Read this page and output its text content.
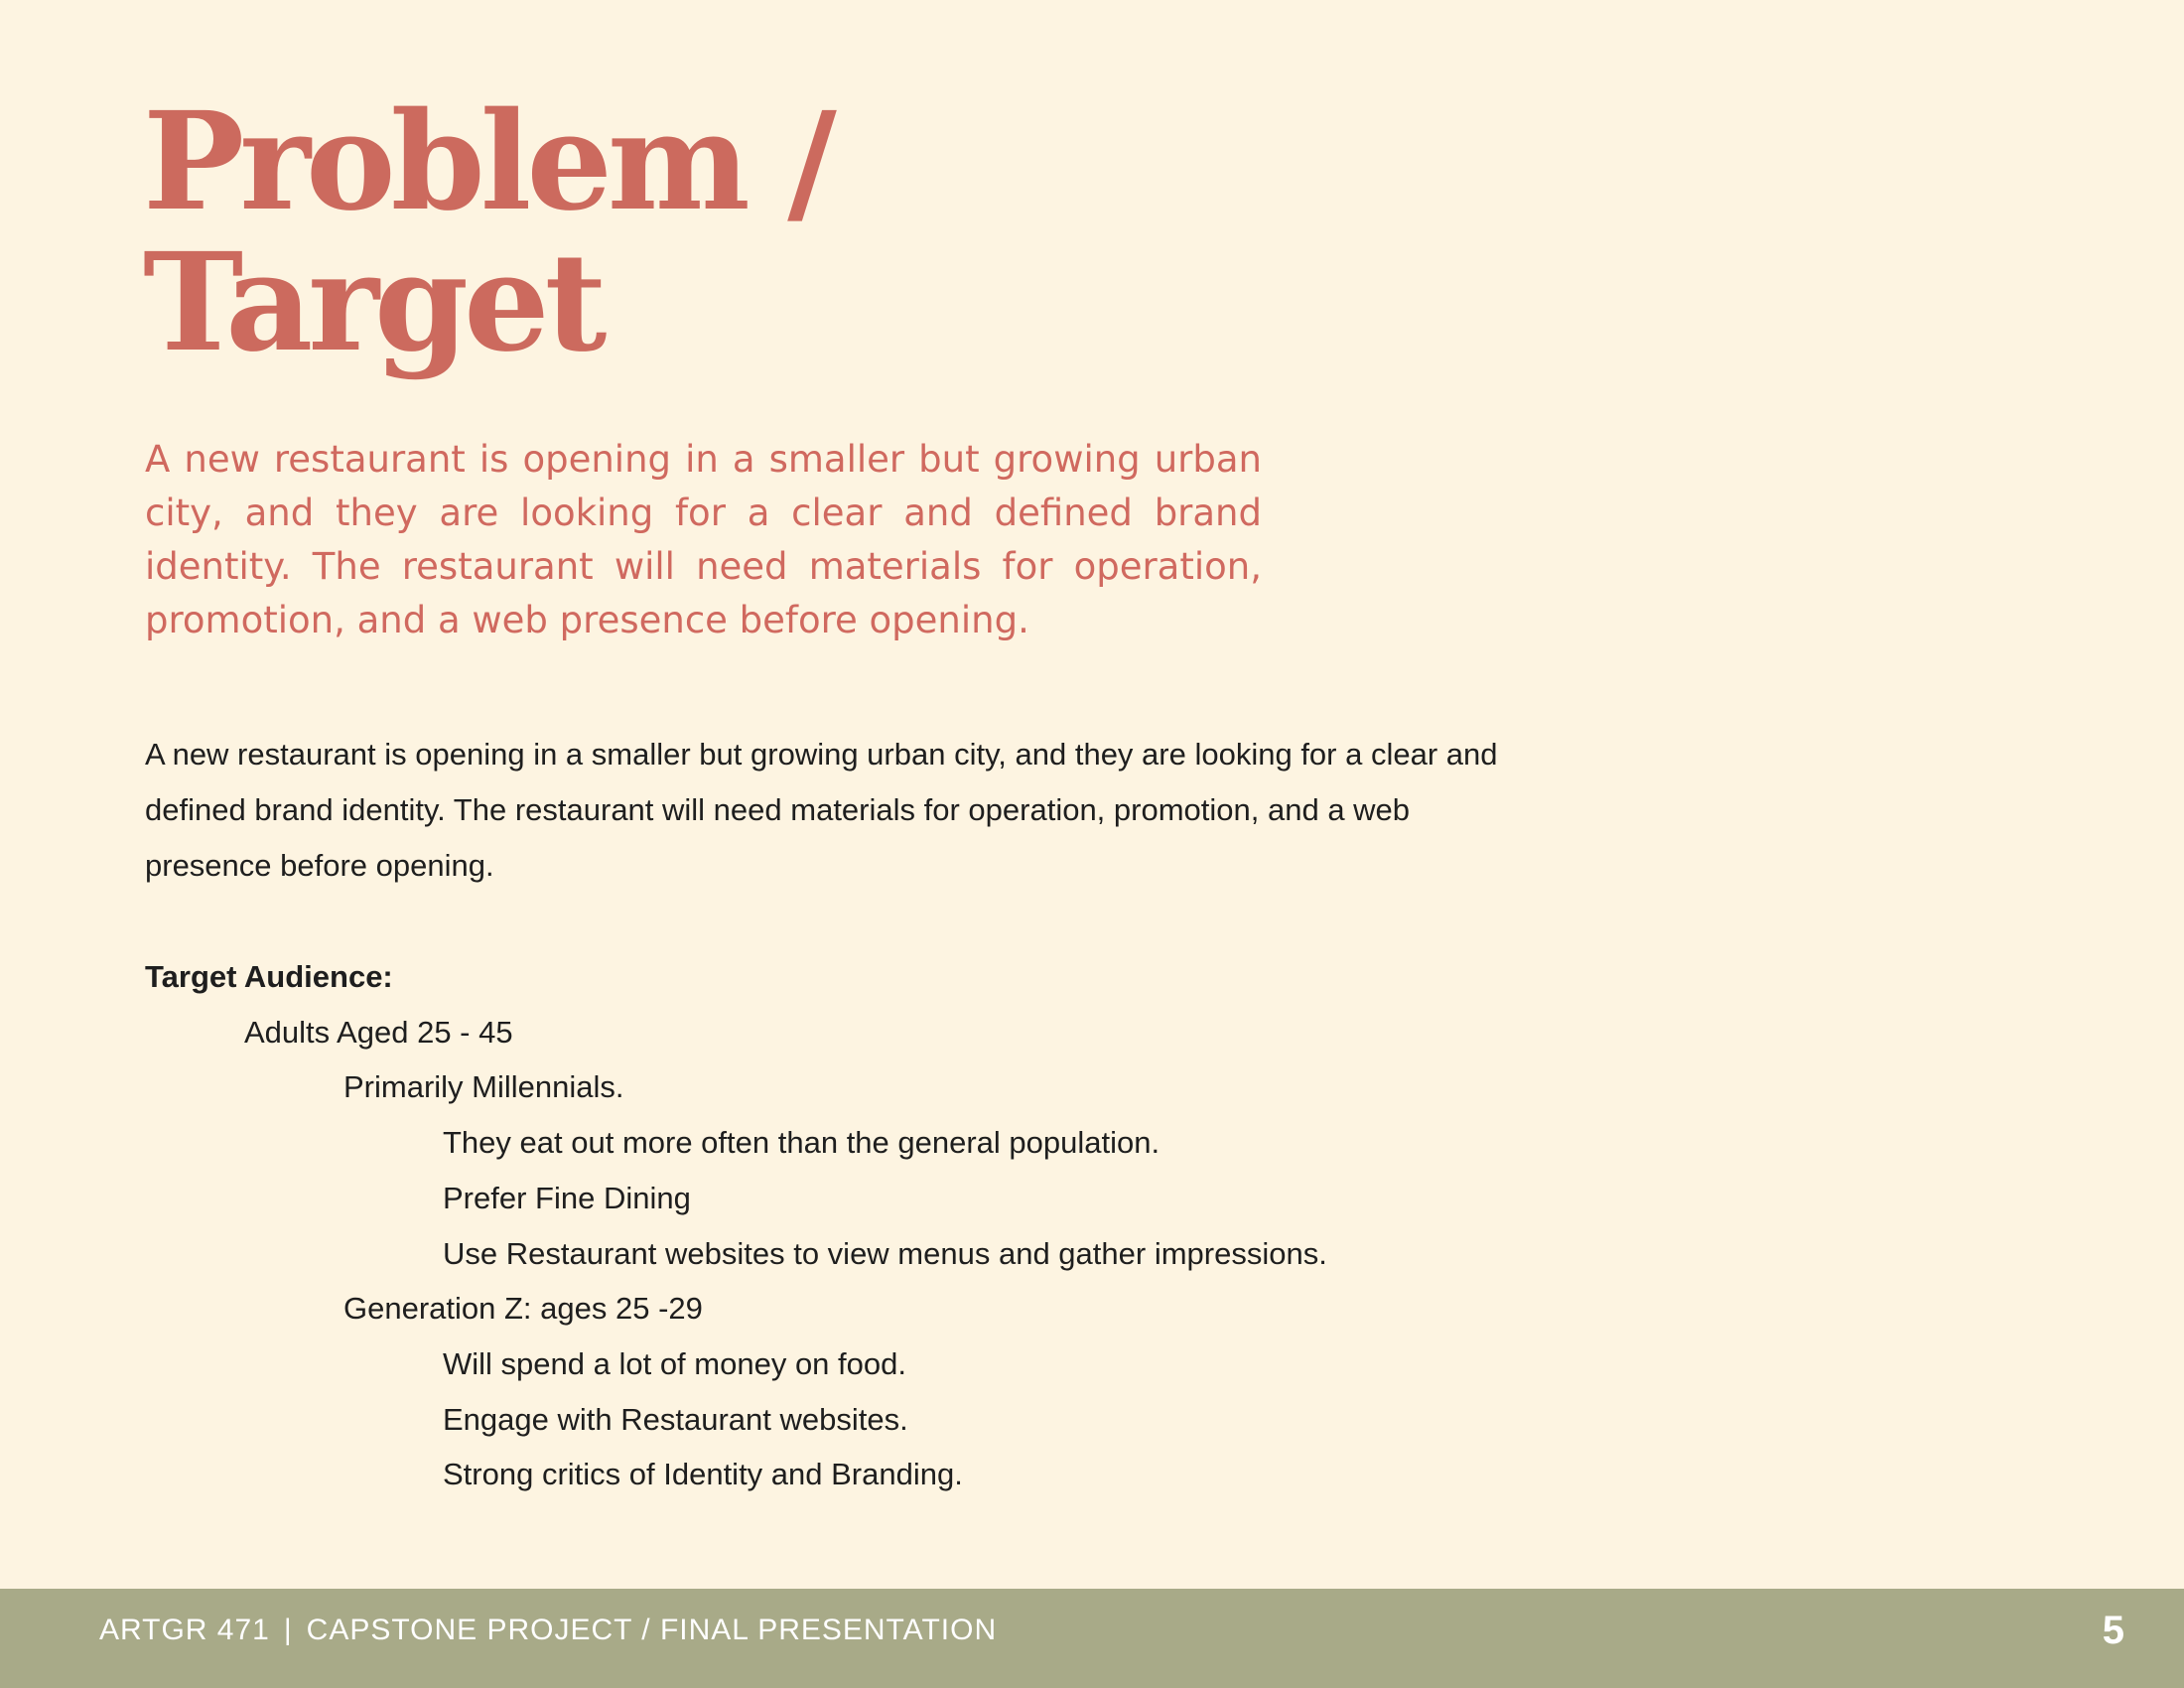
Problem /
Target

A new restaurant is opening in a smaller but growing urban city, and they are looking for a clear and defined brand identity. The restaurant will need materials for operation, promotion, and a web presence before opening.

A new restaurant is opening in a smaller but growing urban city, and they are looking for a clear and defined brand identity. The restaurant will need materials for operation, promotion, and a web presence before opening.

Target Audience:
Adults Aged 25 - 45
Primarily Millennials.
They eat out more often than the general population.
Prefer Fine Dining
Use Restaurant websites to view menus and gather impressions.
Generation Z: ages 25 -29
Will spend a lot of money on food.
Engage with Restaurant websites.
Strong critics of Identity and Branding.
ARTGR 471 | CAPSTONE PROJECT / FINAL PRESENTATION	5
